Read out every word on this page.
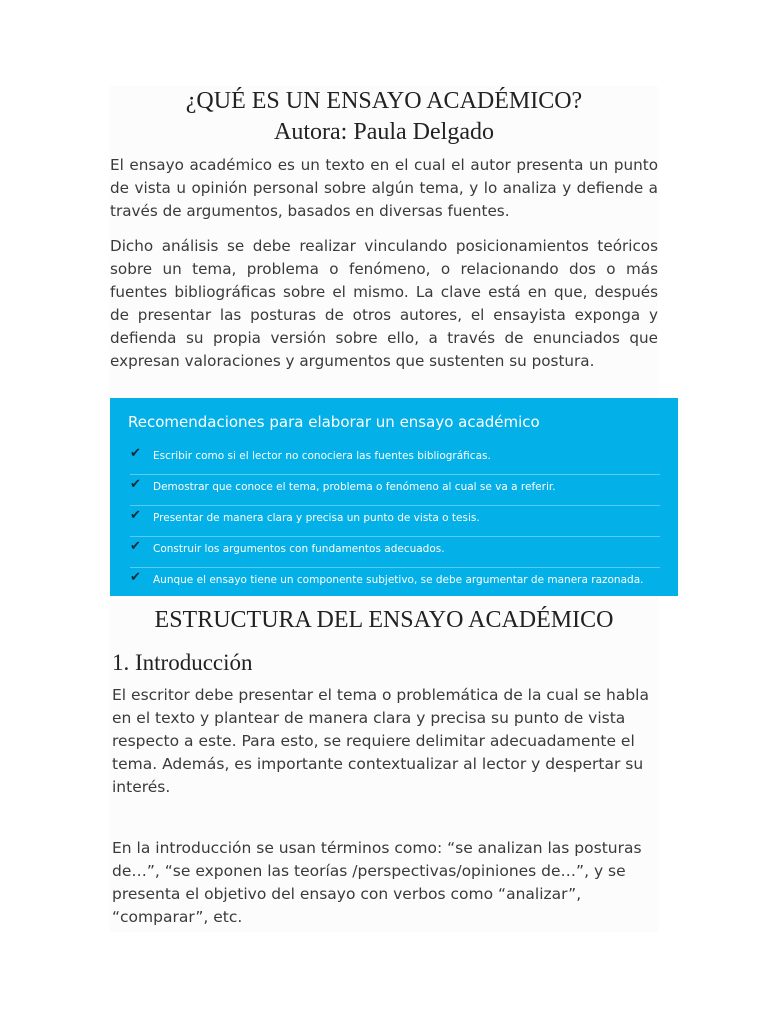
¿QUÉ ES UN ENSAYO ACADÉMICO?
Autora: Paula Delgado

El ensayo académico es un texto en el cual el autor presenta un punto de vista u opinión personal sobre algún tema, y lo analiza y defiende a través de argumentos, basados en diversas fuentes.

Dicho análisis se debe realizar vinculando posicionamientos teóricos sobre un tema, problema o fenómeno, o relacionando dos o más fuentes bibliográficas sobre el mismo. La clave está en que, después de presentar las posturas de otros autores, el ensayista exponga y defienda su propia versión sobre ello, a través de enunciados que expresan valoraciones y argumentos que sustenten su postura.

Recomendaciones para elaborar un ensayo académico
✔ Escribir como si el lector no conociera las fuentes bibliográficas.
✔ Demostrar que conoce el tema, problema o fenómeno al cual se va a referir.
✔ Presentar de manera clara y precisa un punto de vista o tesis.
✔ Construir los argumentos con fundamentos adecuados.
✔ Aunque el ensayo tiene un componente subjetivo, se debe argumentar de manera razonada.
ESTRUCTURA DEL ENSAYO ACADÉMICO
1. Introducción

El escritor debe presentar el tema o problemática de la cual se habla en el texto y plantear de manera clara y precisa su punto de vista respecto a este. Para esto, se requiere delimitar adecuadamente el tema. Además, es importante contextualizar al lector y despertar su interés.

En la introducción se usan términos como: “se analizan las posturas de…”, “se exponen las teorías /perspectivas/opiniones de…”, y se presenta el objetivo del ensayo con verbos como “analizar”, “comparar”, etc.
